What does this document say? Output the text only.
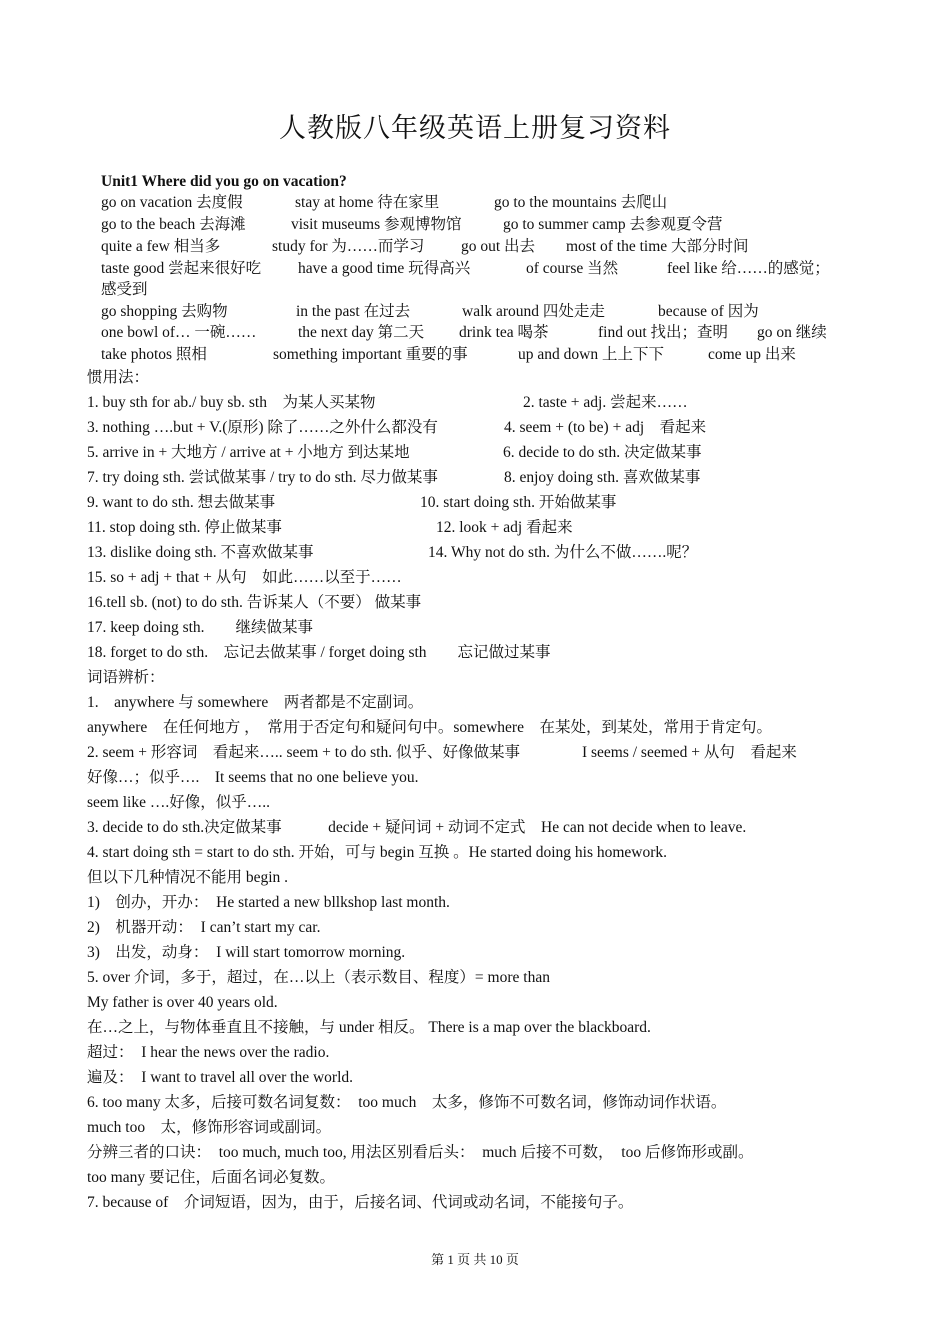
人教版八年级英语上册复习资料
Unit1 Where did you go on vacation?
go on vacation 去度假	stay at home 待在家里	go to the mountains 去爬山
go to the beach 去海滩	visit museums 参观博物馆	go to summer camp 去参观夏令营
quite a few 相当多	study for 为……而学习 go out 出去 most of the time 大部分时间
taste good 尝起来很好吃 have a good time 玩得高兴	of course 当然	feel like 给……的感觉；
感受到
go shopping 去购物	in the past 在过去	walk around 四处走走	because of 因为
one bowl of… 一碗……	the next day 第二天 drink tea 喝茶	find out 找出；查明 go on 继续
take photos 照相	something important 重要的事	up and down 上上下下	come up 出来
惯用法：
1. buy sth for ab./ buy sb. sth　为某人买某物	2. taste + adj. 尝起来……
3. nothing ….but + V.(原形) 除了……之外什么都没有	4. seem + (to be) + adj　看起来
5. arrive in + 大地方 / arrive at + 小地方 到达某地	6. decide to do sth. 决定做某事
7. try doing sth. 尝试做某事 / try to do sth. 尽力做某事	8. enjoy doing sth. 喜欢做某事
9. want to do sth. 想去做某事	10. start doing sth. 开始做某事
11. stop doing sth. 停止做某事	12. look + adj 看起来
13. dislike doing sth. 不喜欢做某事	14. Why not do sth. 为什么不做…….呢？
15. so + adj + that + 从句　如此……以至于……
16.tell sb. (not) to do sth. 告诉某人（不要） 做某事
17. keep doing sth.　　继续做某事
18. forget to do sth.　忘记去做某事 / forget doing sth　　忘记做过某事
词语辨析：
1.　anywhere 与 somewhere　两者都是不定副词。
anywhere　在任何地方 ，　常用于否定句和疑问句中。somewhere　在某处，到某处，常用于肯定句。
2. seem + 形容词　看起来….. seem + to do sth. 似乎、好像做某事　　　　I seems / seemed + 从句　看起来
好像…；似乎….　It seems that no one believe you.
seem like ….好像，似乎…..
3. decide to do sth.决定做某事　　　decide + 疑问词 + 动词不定式　He can not decide when to leave.
4. start doing sth = start to do sth. 开始，可与 begin 互换 。He started doing his homework.
但以下几种情况不能用 begin .
1)　创办，开办：　He started a new bllkshop last month.
2)　机器开动：　I can’t start my car.
3)　出发，动身：　I will start tomorrow morning.
5. over 介词，多于，超过，在…以上（表示数目、程度）= more than
My father is over 40 years old.
在…之上，与物体垂直且不接触，与 under 相反。 There is a map over the blackboard.
超过：　I hear the news over the radio.
遍及：　I want to travel all over the world.
6. too many 太多，后接可数名词复数：　too much　太多，修饰不可数名词，修饰动词作状语。
much too　太，修饰形容词或副词。
分辨三者的口诀：　too much, much too, 用法区别看后头：　much 后接不可数，　too 后修饰形或副。
too many 要记住，后面名词必复数。
7. because of　介词短语，因为，由于，后接名词、代词或动名词，不能接句子。
第 1 页 共 10 页
